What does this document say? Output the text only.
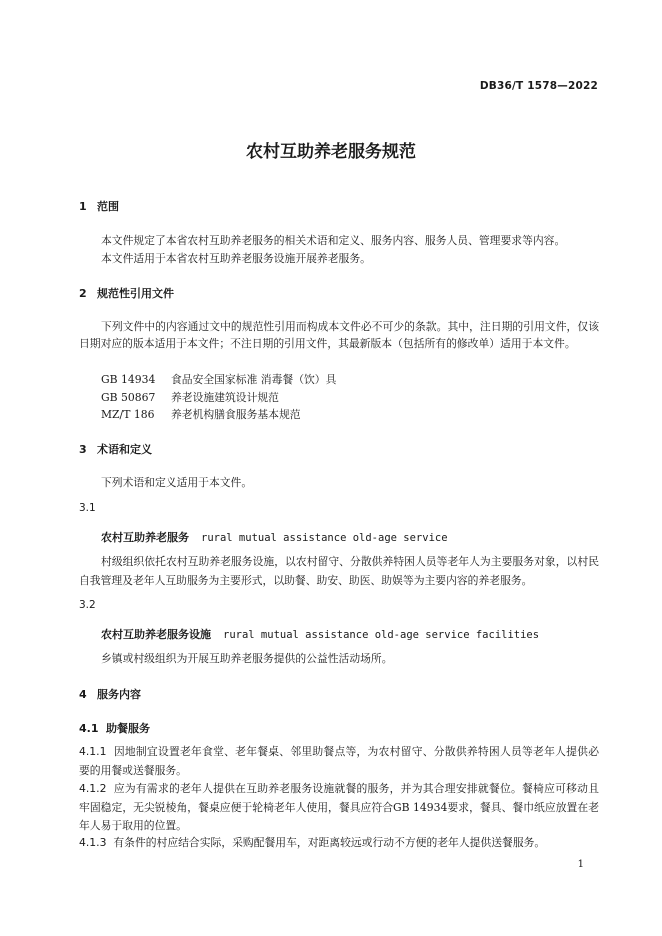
DB36/T 1578—2022
农村互助养老服务规范
1 范围
本文件规定了本省农村互助养老服务的相关术语和定义、服务内容、服务人员、管理要求等内容。
本文件适用于本省农村互助养老服务设施开展养老服务。
2 规范性引用文件
下列文件中的内容通过文中的规范性引用而构成本文件必不可少的条款。其中，注日期的引用文件，仅该日期对应的版本适用于本文件；不注日期的引用文件，其最新版本（包括所有的修改单）适用于本文件。
GB 14934 食品安全国家标准 消毒餐（饮）具
GB 50867 养老设施建筑设计规范
MZ/T 186 养老机构膳食服务基本规范
3 术语和定义
下列术语和定义适用于本文件。
3.1
农村互助养老服务 rural mutual assistance old-age service
村级组织依托农村互助养老服务设施，以农村留守、分散供养特困人员等老年人为主要服务对象，以村民自我管理及老年人互助服务为主要形式，以助餐、助安、助医、助娱等为主要内容的养老服务。
3.2
农村互助养老服务设施 rural mutual assistance old-age service facilities
乡镇或村级组织为开展互助养老服务提供的公益性活动场所。
4 服务内容
4.1 助餐服务
4.1.1 因地制宜设置老年食堂、老年餐桌、邻里助餐点等，为农村留守、分散供养特困人员等老年人提供必要的用餐或送餐服务。
4.1.2 应为有需求的老年人提供在互助养老服务设施就餐的服务，并为其合理安排就餐位。餐椅应可移动且牢固稳定，无尖锐棱角，餐桌应便于轮椅老年人使用，餐具应符合GB 14934要求，餐具、餐巾纸应放置在老年人易于取用的位置。
4.1.3 有条件的村应结合实际，采购配餐用车，对距离较远或行动不方便的老年人提供送餐服务。
1
